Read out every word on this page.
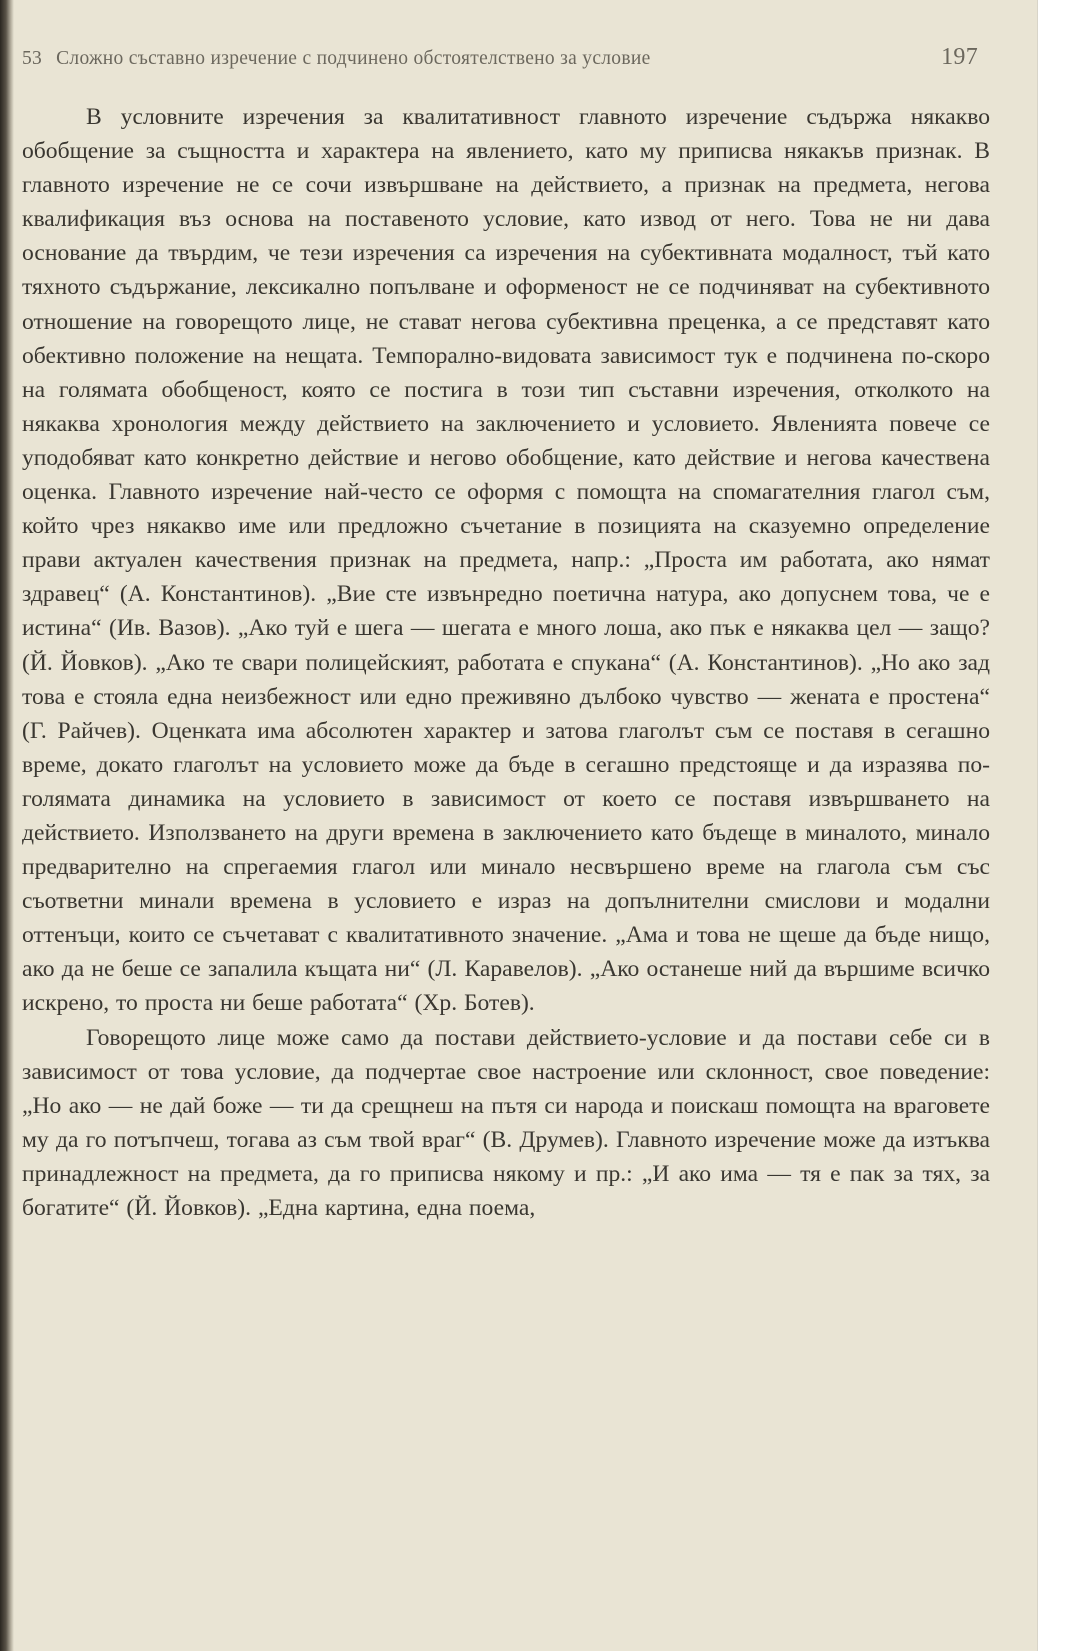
53 Сложно съставно изречение с подчинено обстоятелствено за условие	197

В условните изречения за квалитативност главното изречение съдържа някакво обобщение за същността и характера на явлението, като му приписва някакъв признак. В главното изречение не се сочи извършване на действието, а признак на предмета, негова квалификация въз основа на поставеното условие, като извод от него. Това не ни дава основание да твърдим, че тези изречения са изречения на субективната модалност, тъй като тяхното съдържание, лексикално попълване и оформеност не се подчиняват на субективното отношение на говорещото лице, не стават негова субективна преценка, а се представят като обективно положение на нещата. Темпорално-видовата зависимост тук е подчинена по-скоро на голямата обобщеност, която се постига в този тип съставни изречения, отколкото на някаква хронология между действието на заключението и условието. Явленията повече се уподобяват като конкретно действие и негово обобщение, като действие и негова качествена оценка. Главното изречение най-често се оформя с помощта на спомагателния глагол съм, който чрез някакво име или предложно съчетание в позицията на сказуемно определение прави актуален качествения признак на предмета, напр.: „Проста им работата, ако нямат здравец“ (А. Константинов). „Вие сте извънредно поетична натура, ако допуснем това, че е истина“ (Ив. Вазов). „Ако туй е шега — шегата е много лоша, ако пък е някаква цел — защо? (Й. Йовков). „Ако те свари полицейският, работата е спукана“ (А. Константинов). „Но ако зад това е стояла една неизбежност или едно преживяно дълбоко чувство — жената е простена“ (Г. Райчев). Оценката има абсолютен характер и затова глаголът съм се поставя в сегашно време, докато глаголът на условието може да бъде в сегашно предстояще и да изразява по-голямата динамика на условието в зависимост от което се поставя извършването на действието. Използването на други времена в заключението като бъдеще в миналото, минало предварително на спрегаемия глагол или минало несвършено време на глагола съм със съответни минали времена в условието е израз на допълнителни смислови и модални оттенъци, които се съчетават с квалитативното значение. „Ама и това не щеше да бъде нищо, ако да не беше се запалила къщата ни“ (Л. Каравелов). „Ако останеше ний да вършиме всичко искрено, то проста ни беше работата“ (Хр. Ботев).

Говорещото лице може само да постави действието-условие и да постави себе си в зависимост от това условие, да подчертае свое настроение или склонност, свое поведение: „Но ако — не дай боже — ти да срещнеш на пътя си народа и поискаш помощта на враговете му да го потъпчеш, тогава аз съм твой враг“ (В. Друмев). Главното изречение може да изтъква принадлежност на предмета, да го приписва някому и пр.: „И ако има — тя е пак за тях, за богатите“ (Й. Йовков). „Една картина, една поема,
